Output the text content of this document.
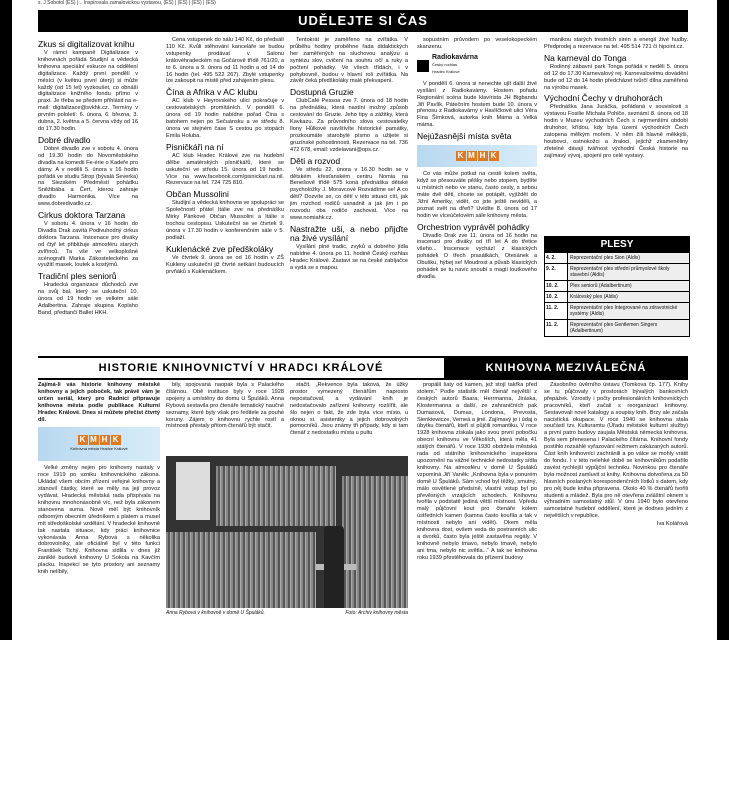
s. J Sobotol (ES) | .. Inspirovala zamalovickou vystavou, (ES) | (ES) | (ES) | (ES)
UDĚLEJTE SI ČAS
Zkus si digitalizovat knihu

V rámci kampaně Digitalizace v knihovnách pořádá Studijní a vědecká knihovna speciální exkurze na oddělení digitalizace. Každý první pondělí v měsíci (v květnu první úterý) si může každý (od 15 let) vyzkoušet, co obnáší digitalizace knižního fondu přímo v praxi. Je třeba se předem přihlásit na e-mail: digitalizace@svkhk.cz. Termíny v prvním pololetí: 6. února, 6. března, 3. dubna, 2. května a 5. června vždy od 16 do 17.30 hodin.

Dobré divadlo

Dobré divadlo zve v sobotu 4. února od 19.30 hodin do Novoměstského divadla na komedii Fe-érie o Kadeře pro dámy. A v neděli 5. února v 16 hodin pořádá ve studiu Strop (bývalá Severka) na Slezském Předměstí pohádku Sněžibába a Čert, kterou zahraje divadlo Harmonika. Více na www.dobredivadlo.cz.

Cirkus doktora Tarzana

V sobotu 4. února v 16 hodin do Divadla Drak zavítá Podivuhodný cirkus doktora Tarzana. Inscenace pro diváky od čtyř let přibližuje atmosféru starých zvířinců. Ta vše ve velkoplošné scénografii Marka Zákosteleckého za využití masek, loutek a kostýmů.

Tradiční ples seniorů

Hradecká organizace důchodců zve na svůj bal, který se uskuteční 10. února od 19 hodin ve velkém sále Adalbertina. Zahraje skupina Koplaho Band, předtančí Ballet HKH.

Cena vstupenek do sálu 140 Kč, do předsálí 110 Kč. Kvůli stěhování kanceláře se budou vstupenky prodávat v Salonu královéhradeckém na Gočárově třídě 761/20, a to 6. února a 9. února od 11 hodin a od 14 do 16 hodin (tel. 495 522 267). Zbylé vstupenky lze zakoupit na místě před zahájením plesu.

Čína a Afrika v AC klubu

AC klub v Heyrovského ulici pokračuje v cestovatelských promítáních. V pondělí 6. února od 19 hodin nabídne pořad Čína s batohem nejen po Sečuánsku a ve středu 8. února ve stejném čase S cestou po stopách Emila Holuba.

Pisničkáři na ní

AC klub Hradec Králové zve na hudební dělbe amatérských písničkářů, které se uskuteční ve středu 15. února od 19 hodin. Více na www.facebook.com/pisnickari.na.nil. Rezervace na tel. 724 725 810.

Občan Mussolini

Studijní a vědecká knihovna ve spolupráci se Společností přátel Itálie zve na přednášku Mirky Pánkové Občan Mussolini a Itálie s trochou cestopisu. Uskuteční se ve čtvrtek 9. února v 17.30 hodin v konferenčním sále v 5. podlaží.

Kuklenácké zve předškoláky

Ve čtvrtek 9. února se od 16 hodin v ZŠ Kukleny uskuteční již čtvrté setkání budoucích prvňáků s Kuklenáčkem.

Tentokrát je zaměřeno na zvířátka. V průběhu hodiny proběhne řada didaktických her zaměřených na sluchovou analýzu a syntézu slov, cvičení na souhru očí a ruky a počtení pohádky. Ve všech třídách, i v pohybovně, budou v hlavní roli zvířátka. Na závěr čeká předškoláky malé překvapení.

Dostupná Gruzie

ClubCafé Pessoa zve 7. února od 18 hodin na přednášku, která nastíní možný způsob cestování do Gruzie. Jeho tipy a zážitky, která Kavkazu. Za průvodního slova cestovatelky Ilony Hůlkové navštívíte historické památky, prozkoumáte starobylé písmo a užijete si gruzínské pohostinnosti. Rezervace na tel. 736 472 678, email: vzdelavani@ops.cz.

Děti a rozvod

Ve středu 22. února v 16.30 hodin se v dětském křesťanském centru Nomia na Benešově třídě 575 koná přednáška dětské psycholožky J. Moravcové Rozvádíme se! A co děti? Dozvíte se, co dětí v této situaci cítí, jak jim rozchod rodičů usnadnit a jak jim i po rozvodu oba rodiče zachovat. Více na www.nomiahk.cz.

Nastražte uši, a nebo přijďte na živé vysílání

Vysílání plné tradic, zvyků a dobrého jídla nabídne 4. února po 11. hodině Český rozhlas Hradec Králové. Zastaví se na české zabíjačce a vydá se s mapou.

sopustním průvodem po veselokopeckém skanzenu.

Radiokavárna
Český rozhlas
Hradec Králové

V pondělí 6. února si nenechte ujít další živé vysílání z Radiokavárny. Hostem pořadu Regionální scéna bude klavírista JH Bigbandu Jiří Pavlík. Pátečním hostem bude 10. února v přenosu z Radiokavárny v Havlíčkově ulici Věra Fina Šímková, autorka knih Máma a Velká máma.

Nejúžasnější místa světa
K M H K

Co vás může potkat na cestě kolem světa, když se přesouváte pěšky nebo stopem, bydlíte u místních nebo ve stanu, často cesty, s sebou máte dvě děti, chcete se potápět, vyjíždět do Jižní Ameriky, vidět, co jste ještě neviděli, a poznat svět na dřeň? Uvidíte 8. února od 17 hodin ve víceúčelovém sále knihovny města.

Orchestrion vyprávěl pohádky

Divadlo Drak zve 11. února od 16 hodin na inscenaci pro diváky od tří let A do třetice všeho... Inscenace vychází z klasických pohádek O třech prasátkách, Otesánek a Obušku, hýbej se! Moudrost a půvab klasických pohádek se tu navíc snoubí s magií loutkového divadla.

manikou starých trestních sirén a energií živé hudby. Předprodej a rezervace na tel. 495 514 721 či hipoint.cz.

Na karneval do Tonga

Rodinný zábavní park Tonga pořádá v neděli 5. února od 12 do 17.30 Karnevalový rej. Karnevalovému dovádění bude od 12 do 14 hodin předcházet tvůrčí dílna zaměřená na výrobu masek.

Východní Čechy v druhohorách

Přednáška Jana Juráčka, pořádaná v souvislosti s výstavou Fosilie Michala Pohlče, seznámí 8. února od 18 hodin v Muzeu východních Čech s nejrmenšími období druhohor, křídou, kdy byla území východních Čech zatopena mělkým mořem. V něm žili hlavně měkkýši, houbovci, ostnokožci a žraloci, jejichž zkameněliny zřetelné dávají tvářnost východní Česká historie na zajímavý vývoj, spojení pro celé vystavy.

PLESY
4. 2.	Reprezentační ples Sion (Aldis)
9. 2.	Reprezentační ples střední průmyslové školy stavební (Aldis)
10. 2.	Ples seniorů (Adalbertinum)
10. 2.	Královský ples (Aldis)
11. 2.	Reprezentační ples Integrované na zdravotnické systémy (Aldis)
11. 2.	Reprezentační ples Gentlemen Singers (Adalbertinum)
HISTORIE KNIHOVNICTVÍ V HRADCI KRÁLOVÉ	KNIHOVNA MEZIVÁLEČNÁ

Zajímá-li vás historie knihovny městské knihovny a jejich poboček, tak právě vám je určen seriál, který pro Radnici připravuje knihovna města podle publikace Kulturní Hradec Králové. Dnes si můžete přečíst čtvrtý díl.

K M H K
Knihovna města Hradce Králové

Velké změny nejen pro knihovny nastaly v roce 1919 po vzniku knihovnického zákona. Ukládal všem obcím zřízení veřejné knihovny a stanovil částky, které se měly na její provoz vydávat. Hradecká městská rada přispívala na knihovnu mnohonásobně víc, než byla zákonem stanovena suma. Nově měl být knihovník odborným obecním úředníkem s platem a musel mít středoškolské vzdělání. V hradecké knihovně tak nastala situace, kdy práci knihovnice vykonávala Anna Rybová s několika dobrovolníky, ale oficiálně byl v této funkci František Tichý. Knihovna sídlila v dnes již zaniklé budově knihovny U Sokola na Kavčím placku. Inspekcí se tyto prostory ani seznamy knih nelíbily,

bily, spojovaná naopak byla s Palackého čítárnou. Obě instituce byly v roce 1928 spojeny a umístěny do domu U Špuláků. Anna Rybová sestavila pro čtenáře tematický naučné seznamy, které byly však pro ředitele za pouhé koruny. Zájem o knihovnu rychle rostl a místnosti přestaly přitom čtenářů být stačit.

stačit. „Rekvence byla taková, že úžký prostor vymezený čtenářům naprosto nepostačoval, a vydávání knih je nedostačovalo zařízení knihovny rozšířit, ale šlo nejen o fakt, že zde byla více místo, u oknou si. asistentky a jejich dobrovolných pomocníků. Jsou známy tři případy, kdy si tam čtenář z nedostatku místa u pultu

Anna Rybová v knihovně v domě U Špuláků.	Foto: Archiv knihovny města

propálil šaty od kamen, jež stojí takřka před stolem.“ Podle statistik měl čtenář největší z českých autorů Baara, Herrmanna, Jiráska, Klostermanna a další, ze zahraničních pak Dumasová, Dumas, Londona, Prevosta, Sienkiewicze, Verneá a jiné. Zajímavý je i údaj o úbytku čtenářů, kteří si půjčili romantiku. V roce 1928 knihovna získala jako svou první pobočku obecní knihovnu ve Věkoších, která měla 41 stálých čtenářů. V roce 1930 obdržela městská rada od státního knihovnického inspektora upozornění na vážné technické nedostatky sídla knihovny. Na atmosféru v domě U Špuláků vzpomíná Jiří Vaněk: „Knihovna byla v ponurém domě U Špuláků. Sám vchod byl těžký, smutný, málo osvětlené předsíně, vlastní vstup byl po převěsných vrzajících schodech. Knihovnu tvořila v podstatě jediná větší místnost. Vpředu malý půjčovní kout pro čtenáře kolem ústředních kamen (kamna často kouřila a tak v místnosti nebylo ani vidět). Okem měla knihovna dost, ovšem veda do postranních ulic a dvorků, často byla ještě zastavěna regály. V knihovně nebylo tmavo, nebylo tmavě, nebylo ani tma, nebylo nic světla...“ A tak se knihovna roku 1939 přestěhovala do přízemí budovy

Zásobního úvěrního ústavu (Tomkova čp. 177). Knihy se tu půjčovaly v prostorách bývalých bankovních přepážek. Vzrostly i počty profesionálních knihovnických pracovníků, kteří začali s reorganizací knihovny. Sestavovali nové katalogy a soupisy knih. Brzy ale začala nacistická okupace. V roce 1940 se knihovna stala součástí tzv. Kulturamtu (Úřadu městské kulturní služby) a první patro budovy zaujala Městská německá knihovna. Byla sem přenesena i Palackého čítárna. Knihovní fondy postihlo rozsáhlé vyřazování režimem zakázaných autorů. Část knih knihovníci zachránili a po válce se mohly vrátit do fondu. I v této nelehké době se knihovníkům podařilo zavést rychlejší výpůjční techniku. Novinkou pro čtenáře byla možnost zamluvit si knihy. Knihovna dotvořena za 50 hlavních poslaných korespondenčních lístků s datem, kdy pro něj bude kniha připravena. Okolo 40 % čtenářů tvořili studenti a mládež. Byla pro ně otevřena zvláštní oknem s výhradním samostatný stůl. V únu 1940 bylo otevřeno samostatné hudební oddělení, které je dodnes jedním z největších v republice.

Iva Kolářová
